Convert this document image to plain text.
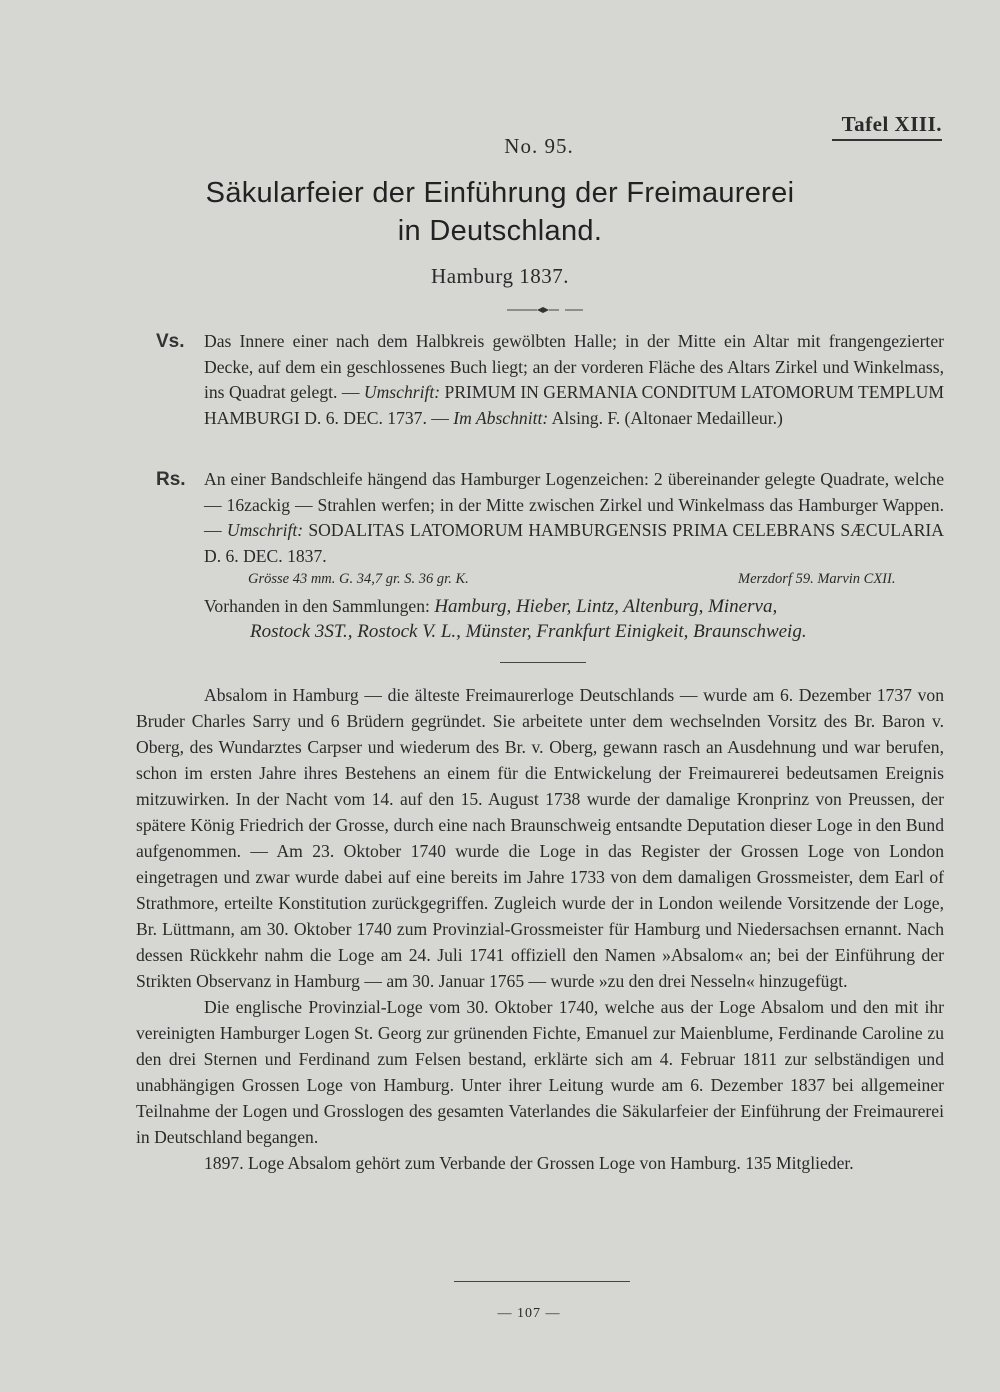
Tafel XIII.
No. 95.
Säkularfeier der Einführung der Freimaurerei
in Deutschland.
Hamburg 1837.
Vs. Das Innere einer nach dem Halbkreis gewölbten Halle; in der Mitte ein Altar mit frangengezierter Decke, auf dem ein geschlossenes Buch liegt; an der vorderen Fläche des Altars Zirkel und Winkelmass, ins Quadrat gelegt. — Umschrift: PRIMUM IN GERMANIA CONDITUM LATOMORUM TEMPLUM HAMBURGI D. 6. DEC. 1737. — Im Abschnitt: Alsing. F. (Altonaer Medailleur.)
Rs. An einer Bandschleife hängend das Hamburger Logenzeichen: 2 übereinander gelegte Quadrate, welche — 16zackig — Strahlen werfen; in der Mitte zwischen Zirkel und Winkelmass das Hamburger Wappen. — Umschrift: SODALITAS LATOMORUM HAMBURGENSIS PRIMA CELEBRANS SÆCULARIA D. 6. DEC. 1837.
Grösse 43 mm. G. 34,7 gr. S. 36 gr. K.	Merzdorf 59. Marvin CXII.
Vorhanden in den Sammlungen: Hamburg, Hieber, Lintz, Altenburg, Minerva,
Rostock 3ST., Rostock V. L., Münster, Frankfurt Einigkeit, Braunschweig.

Absalom in Hamburg — die älteste Freimaurerloge Deutschlands — wurde am 6. Dezember 1737 von Bruder Charles Sarry und 6 Brüdern gegründet. Sie arbeitete unter dem wechselnden Vorsitz des Br. Baron v. Oberg, des Wundarztes Carpser und wiederum des Br. v. Oberg, gewann rasch an Ausdehnung und war berufen, schon im ersten Jahre ihres Bestehens an einem für die Entwickelung der Freimaurerei bedeutsamen Ereignis mitzuwirken. In der Nacht vom 14. auf den 15. August 1738 wurde der damalige Kronprinz von Preussen, der spätere König Friedrich der Grosse, durch eine nach Braunschweig entsandte Deputation dieser Loge in den Bund aufgenommen. — Am 23. Oktober 1740 wurde die Loge in das Register der Grossen Loge von London eingetragen und zwar wurde dabei auf eine bereits im Jahre 1733 von dem damaligen Grossmeister, dem Earl of Strathmore, erteilte Konstitution zurückgegriffen. Zugleich wurde der in London weilende Vorsitzende der Loge, Br. Lüttmann, am 30. Oktober 1740 zum Provinzial-Grossmeister für Hamburg und Niedersachsen ernannt. Nach dessen Rückkehr nahm die Loge am 24. Juli 1741 offiziell den Namen »Absalom« an; bei der Einführung der Strikten Observanz in Hamburg — am 30. Januar 1765 — wurde »zu den drei Nesseln« hinzugefügt.

Die englische Provinzial-Loge vom 30. Oktober 1740, welche aus der Loge Absalom und den mit ihr vereinigten Hamburger Logen St. Georg zur grünenden Fichte, Emanuel zur Maienblume, Ferdinande Caroline zu den drei Sternen und Ferdinand zum Felsen bestand, erklärte sich am 4. Februar 1811 zur selbständigen und unabhängigen Grossen Loge von Hamburg. Unter ihrer Leitung wurde am 6. Dezember 1837 bei allgemeiner Teilnahme der Logen und Grosslogen des gesamten Vaterlandes die Säkularfeier der Einführung der Freimaurerei in Deutschland begangen.

1897. Loge Absalom gehört zum Verbande der Grossen Loge von Hamburg. 135 Mitglieder.

— 107 —
